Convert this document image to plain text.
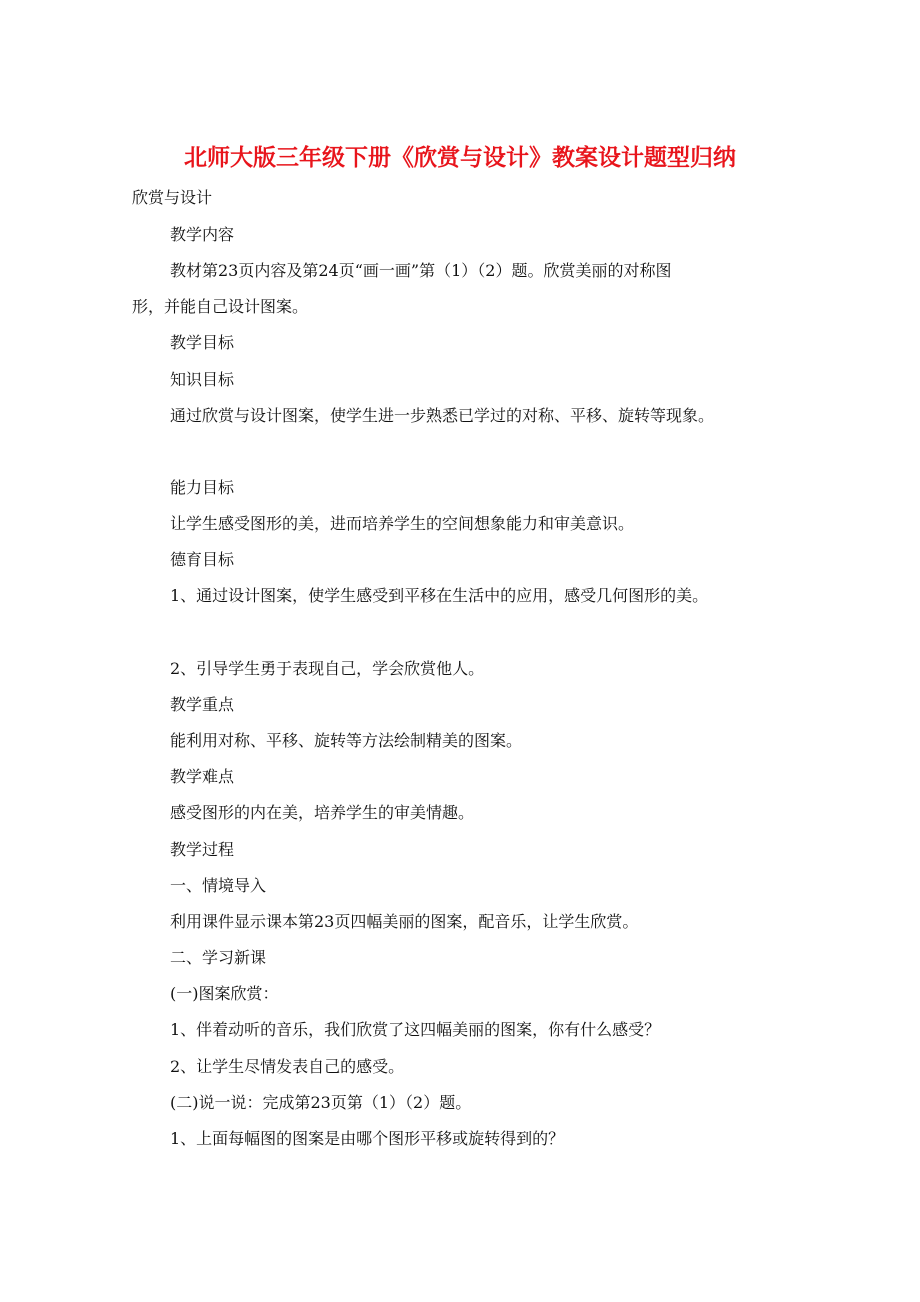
北师大版三年级下册《欣赏与设计》教案设计题型归纳
欣赏与设计
教学内容
教材第23页内容及第24页“画一画”第（1）（2）题。欣赏美丽的对称图
形，并能自己设计图案。
教学目标
知识目标
通过欣赏与设计图案，使学生进一步熟悉已学过的对称、平移、旋转等现象。
能力目标
让学生感受图形的美，进而培养学生的空间想象能力和审美意识。
德育目标
1、通过设计图案，使学生感受到平移在生活中的应用，感受几何图形的美。
2、引导学生勇于表现自己，学会欣赏他人。
教学重点
能利用对称、平移、旋转等方法绘制精美的图案。
教学难点
感受图形的内在美，培养学生的审美情趣。
教学过程
一、情境导入
利用课件显示课本第23页四幅美丽的图案，配音乐，让学生欣赏。
二、学习新课
(一)图案欣赏：
1、伴着动听的音乐，我们欣赏了这四幅美丽的图案，你有什么感受？
2、让学生尽情发表自己的感受。
(二)说一说：完成第23页第（1）（2）题。
1、上面每幅图的图案是由哪个图形平移或旋转得到的？
